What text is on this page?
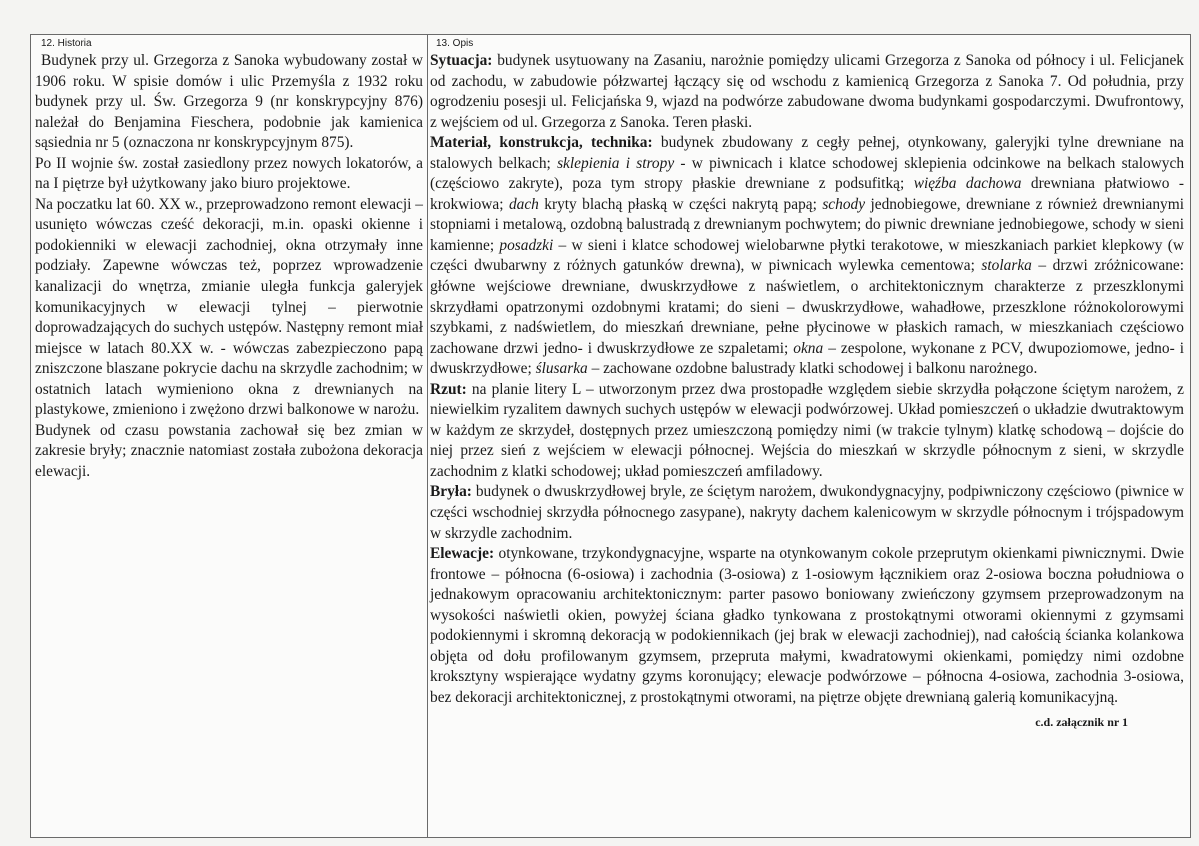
12. Historia

Budynek przy ul. Grzegorza z Sanoka wybudowany został w 1906 roku. W spisie domów i ulic Przemyśla z 1932 roku budynek przy ul. Św. Grzegorza 9 (nr konskrypcyjny 876) należał do Benjamina Fieschera, podobnie jak kamienica sąsiednia nr 5 (oznaczona nr konskrypcyjnym 875).

Po II wojnie św. został zasiedlony przez nowych lokatorów, a na I piętrze był użytkowany jako biuro projektowe.

Na poczatku lat 60. XX w., przeprowadzono remont elewacji – usunięto wówczas cześć dekoracji, m.in. opaski okienne i podokienniki w elewacji zachodniej, okna otrzymały inne podziały. Zapewne wówczas też, poprzez wprowadzenie kanalizacji do wnętrza, zmianie uległa funkcja galeryjek komunikacyjnych w elewacji tylnej – pierwotnie doprowadzających do suchych ustępów. Następny remont miał miejsce w latach 80.XX w. - wówczas zabezpieczono papą zniszczone blaszane pokrycie dachu na skrzydle zachodnim; w ostatnich latach wymieniono okna z drewnianych na plastykowe, zmieniono i zwężono drzwi balkonowe w narożu.

Budynek od czasu powstania zachował się bez zmian w zakresie bryły; znacznie natomiast została zubożona dekoracja elewacji.

13. Opis

Sytuacja: budynek usytuowany na Zasaniu, narożnie pomiędzy ulicami Grzegorza z Sanoka od północy i ul. Felicjanek od zachodu, w zabudowie półzwartej łączący się od wschodu z kamienicą Grzegorza z Sanoka 7. Od południa, przy ogrodzeniu posesji ul. Felicjańska 9, wjazd na podwórze zabudowane dwoma budynkami gospodarczymi. Dwufrontowy, z wejściem od ul. Grzegorza z Sanoka. Teren płaski.

Materiał, konstrukcja, technika: budynek zbudowany z cegły pełnej, otynkowany, galeryjki tylne drewniane na stalowych belkach; sklepienia i stropy - w piwnicach i klatce schodowej sklepienia odcinkowe na belkach stalowych (częściowo zakryte), poza tym stropy płaskie drewniane z podsufitką; więźba dachowa drewniana płatwiowo - krokwiowa; dach kryty blachą płaską w części nakrytą papą; schody jednobiegowe, drewniane z również drewnianymi stopniami i metalową, ozdobną balustradą z drewnianym pochwytem; do piwnic drewniane jednobiegowe, schody w sieni kamienne; posadzki – w sieni i klatce schodowej wielobarwne płytki terakotowe, w mieszkaniach parkiet klepkowy (w części dwubarwny z różnych gatunków drewna), w piwnicach wylewka cementowa; stolarka – drzwi zróżnicowane: główne wejściowe drewniane, dwuskrzydłowe z naświetlem, o architektonicznym charakterze z przeszklonymi skrzydłami opatrzonymi ozdobnymi kratami; do sieni – dwuskrzydłowe, wahadłowe, przeszklone różnokolorowymi szybkami, z nadświetlem, do mieszkań drewniane, pełne płycinowe w płaskich ramach, w mieszkaniach częściowo zachowane drzwi jedno- i dwuskrzydłowe ze szpaletami; okna – zespolone, wykonane z PCV, dwupoziomowe, jedno- i dwuskrzydłowe; ślusarka – zachowane ozdobne balustrady klatki schodowej i balkonu narożnego.

Rzut: na planie litery L – utworzonym przez dwa prostopadłe względem siebie skrzydła połączone ściętym narożem, z niewielkim ryzalitem dawnych suchych ustępów w elewacji podwórzowej. Układ pomieszczeń o układzie dwutraktowym w każdym ze skrzydeł, dostępnych przez umieszczoną pomiędzy nimi (w trakcie tylnym) klatkę schodową – dojście do niej przez sień z wejściem w elewacji północnej. Wejścia do mieszkań w skrzydle północnym z sieni, w skrzydle zachodnim z klatki schodowej; układ pomieszczeń amfiladowy.

Bryła: budynek o dwuskrzydłowej bryle, ze ściętym narożem, dwukondygnacyjny, podpiwniczony częściowo (piwnice w części wschodniej skrzydła północnego zasypane), nakryty dachem kalenicowym w skrzydle północnym i trójspadowym w skrzydle zachodnim.

Elewacje: otynkowane, trzykondygnacyjne, wsparte na otynkowanym cokole przeprutym okienkami piwnicznymi. Dwie frontowe – północna (6-osiowa) i zachodnia (3-osiowa) z 1-osiowym łącznikiem oraz 2-osiowa boczna południowa o jednakowym opracowaniu architektonicznym: parter pasowo boniowany zwieńczony gzymsem przeprowadzonym na wysokości naświetli okien, powyżej ściana gładko tynkowana z prostokątnymi otworami okiennymi z gzymsami podokiennymi i skromną dekoracją w podokiennikach (jej brak w elewacji zachodniej), nad całością ścianka kolankowa objęta od dołu profilowanym gzymsem, przepruta małymi, kwadratowymi okienkami, pomiędzy nimi ozdobne kroksztyny wspierające wydatny gzyms koronujący; elewacje podwórzowe – północna 4-osiowa, zachodnia 3-osiowa, bez dekoracji architektonicznej, z prostokątnymi otworami, na piętrze objęte drewnianą galerią komunikacyjną.

c.d. załącznik nr 1
